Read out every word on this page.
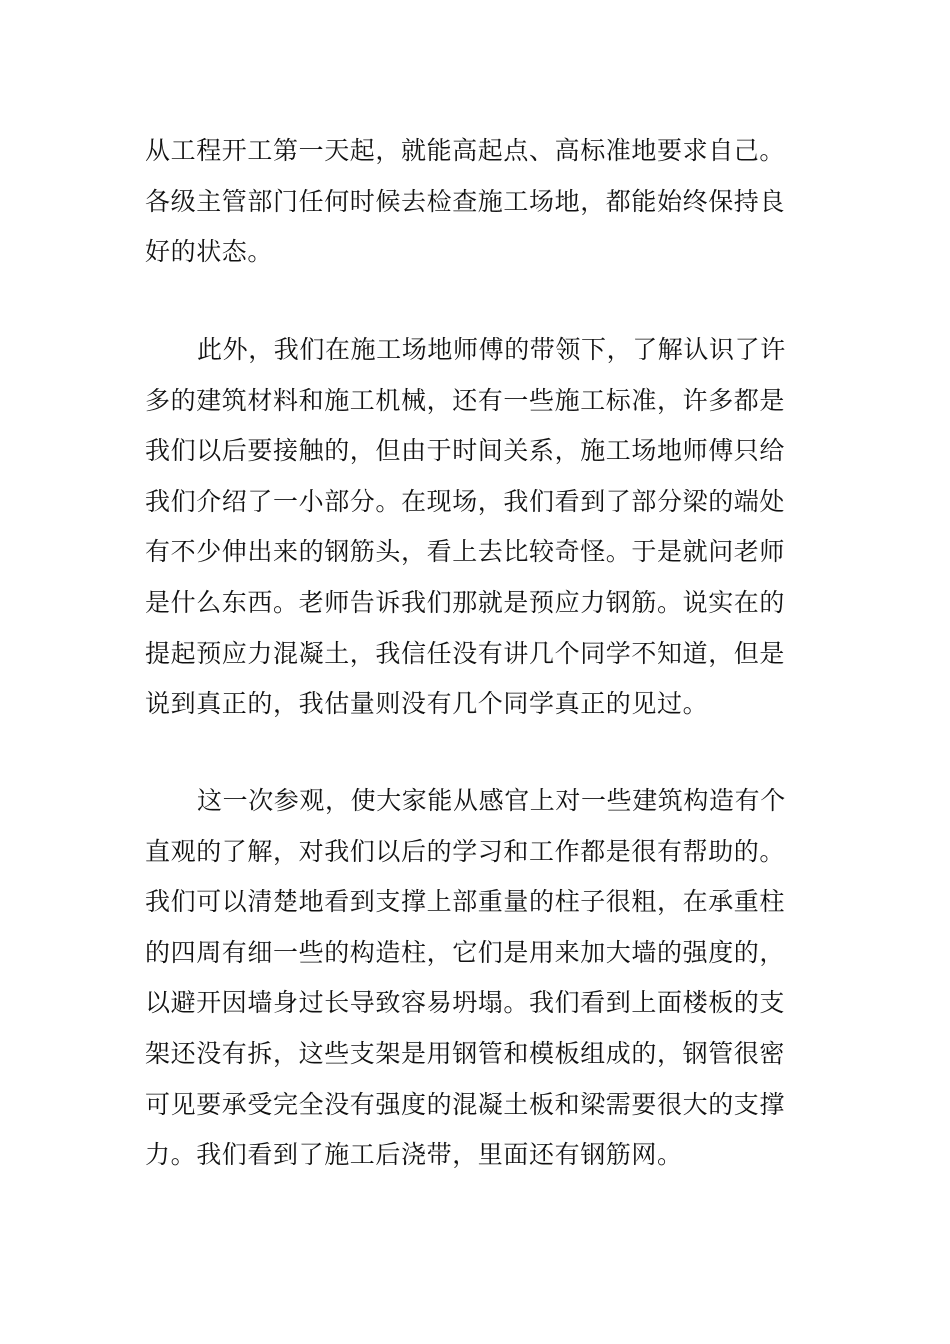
从工程开工第一天起，就能高起点、高标准地要求自己。
各级主管部门任何时候去检查施工场地，都能始终保持良
好的状态。
此外，我们在施工场地师傅的带领下，了解认识了许
多的建筑材料和施工机械，还有一些施工标准，许多都是
我们以后要接触的，但由于时间关系，施工场地师傅只给
我们介绍了一小部分。在现场，我们看到了部分梁的端处
有不少伸出来的钢筋头，看上去比较奇怪。于是就问老师
是什么东西。老师告诉我们那就是预应力钢筋。说实在的
提起预应力混凝土，我信任没有讲几个同学不知道，但是
说到真正的，我估量则没有几个同学真正的见过。
这一次参观，使大家能从感官上对一些建筑构造有个
直观的了解，对我们以后的学习和工作都是很有帮助的。
我们可以清楚地看到支撑上部重量的柱子很粗，在承重柱
的四周有细一些的构造柱，它们是用来加大墙的强度的，
以避开因墙身过长导致容易坍塌。我们看到上面楼板的支
架还没有拆，这些支架是用钢管和模板组成的，钢管很密
可见要承受完全没有强度的混凝土板和梁需要很大的支撑
力。我们看到了施工后浇带，里面还有钢筋网。
